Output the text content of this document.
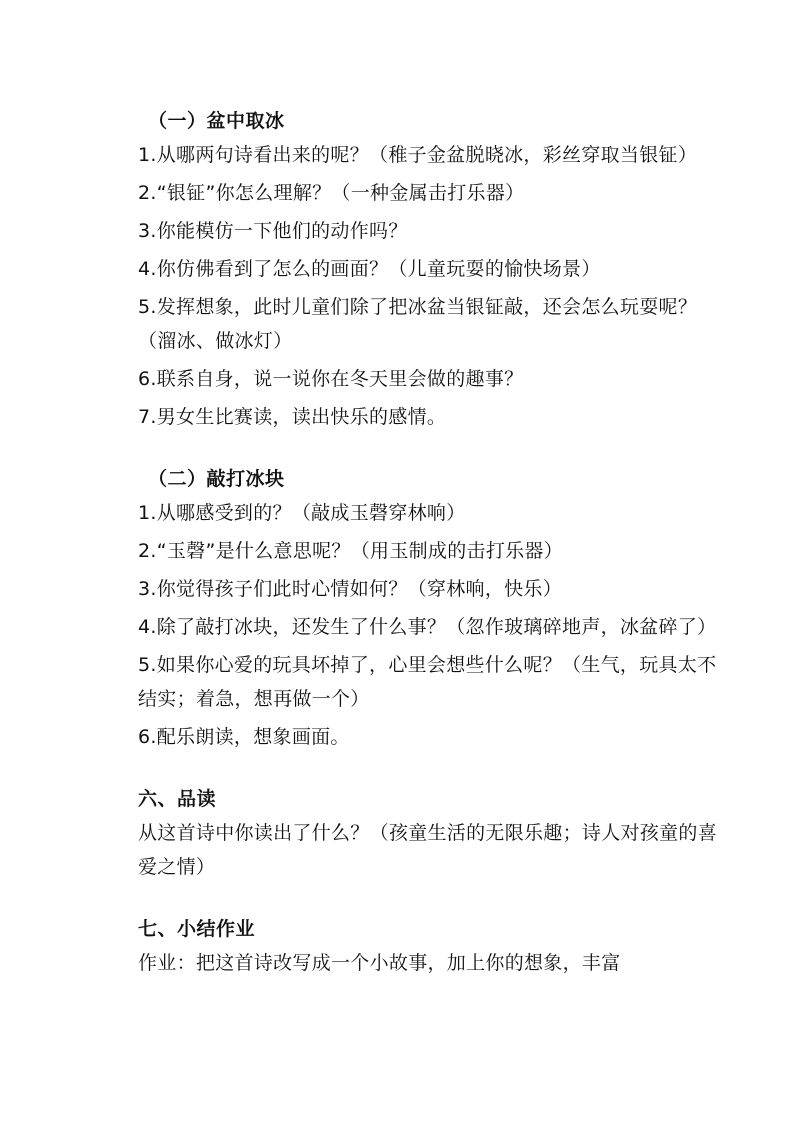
（一）盆中取冰

1.从哪两句诗看出来的呢？（稚子金盆脱晓冰，彩丝穿取当银钲）

2.“银钲”你怎么理解？（一种金属击打乐器）

3.你能模仿一下他们的动作吗？

4.你仿佛看到了怎么的画面？（儿童玩耍的愉快场景）

5.发挥想象，此时儿童们除了把冰盆当银钲敲，还会怎么玩耍呢？（溜冰、做冰灯）

6.联系自身，说一说你在冬天里会做的趣事？

7.男女生比赛读，读出快乐的感情。

（二）敲打冰块

1.从哪感受到的？（敲成玉磬穿林响）

2.“玉磬”是什么意思呢？（用玉制成的击打乐器）

3.你觉得孩子们此时心情如何？（穿林响，快乐）

4.除了敲打冰块，还发生了什么事？（忽作玻璃碎地声，冰盆碎了）

5.如果你心爱的玩具坏掉了，心里会想些什么呢？（生气，玩具太不结实；着急，想再做一个）

6.配乐朗读，想象画面。

六、品读

从这首诗中你读出了什么？（孩童生活的无限乐趣；诗人对孩童的喜爱之情）

七、小结作业

作业：把这首诗改写成一个小故事，加上你的想象，丰富
